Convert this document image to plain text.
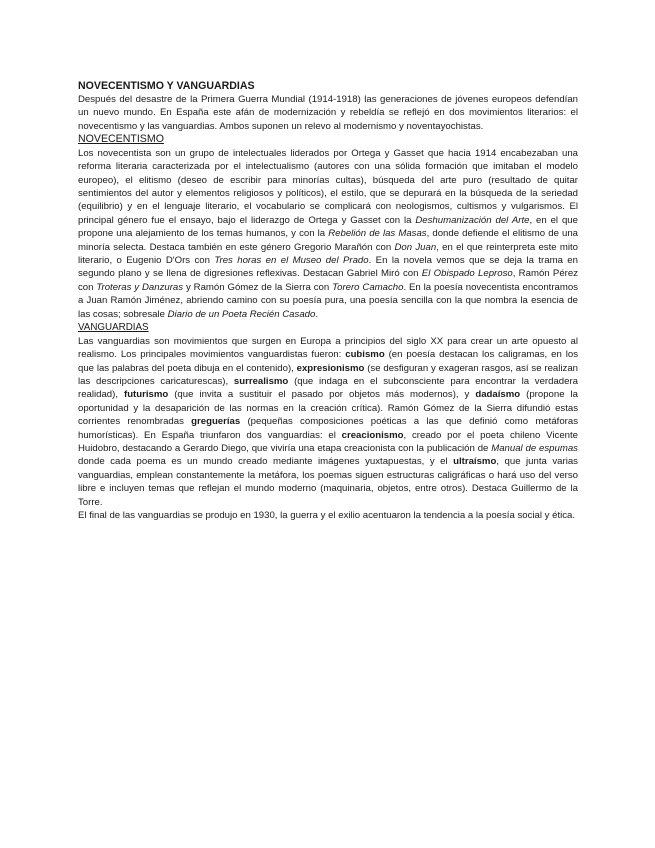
NOVECENTISMO Y VANGUARDIAS

Después del desastre de la Primera Guerra Mundial (1914-1918) las generaciones de jóvenes europeos defendían un nuevo mundo. En España este afán de modernización y rebeldía se reflejó en dos movimientos literarios: el novecentismo y las vanguardias. Ambos suponen un relevo al modernismo y noventayochistas.

NOVECENTISMO

Los novecentista son un grupo de intelectuales liderados por Ortega y Gasset que hacia 1914 encabezaban una reforma literaria caracterizada por el intelectualismo (autores con una sólida formación que imitaban el modelo europeo), el elitismo (deseo de escribir para minorías cultas), búsqueda del arte puro (resultado de quitar sentimientos del autor y elementos religiosos y políticos), el estilo, que se depurará en la búsqueda de la seriedad (equilibrio) y en el lenguaje literario, el vocabulario se complicará con neologismos, cultismos y vulgarismos. El principal género fue el ensayo, bajo el liderazgo de Ortega y Gasset con la Deshumanización del Arte, en el que propone una alejamiento de los temas humanos, y con la Rebelión de las Masas, donde defiende el elitismo de una minoría selecta. Destaca también en este género Gregorio Marañón con Don Juan, en el que reinterpreta este mito literario, o Eugenio D'Ors con Tres horas en el Museo del Prado. En la novela vemos que se deja la trama en segundo plano y se llena de digresiones reflexivas. Destacan Gabriel Miró con El Obispado Leproso, Ramón Pérez con Troteras y Danzuras y Ramón Gómez de la Sierra con Torero Camacho. En la poesía novecentista encontramos a Juan Ramón Jiménez, abriendo camino con su poesía pura, una poesía sencilla con la que nombra la esencia de las cosas; sobresale Diario de un Poeta Recién Casado.

VANGUARDIAS

Las vanguardias son movimientos que surgen en Europa a principios del siglo XX para crear un arte opuesto al realismo. Los principales movimientos vanguardistas fueron: cubismo (en poesía destacan los caligramas, en los que las palabras del poeta dibuja en el contenido), expresionismo (se desfiguran y exageran rasgos, así se realizan las descripciones caricaturescas), surrealismo (que indaga en el subconsciente para encontrar la verdadera realidad), futurismo (que invita a sustituir el pasado por objetos más modernos), y dadaísmo (propone la oportunidad y la desaparición de las normas en la creación crítica). Ramón Gómez de la Sierra difundió estas corrientes renombradas greguerías (pequeñas composiciones poéticas a las que definió como metáforas humorísticas). En España triunfaron dos vanguardias: el creacionismo, creado por el poeta chileno Vicente Huidobro, destacando a Gerardo Diego, que viviría una etapa creacionista con la publicación de Manual de espumas donde cada poema es un mundo creado mediante imágenes yuxtapuestas, y el ultraísmo, que junta varias vanguardias, emplean constantemente la metáfora, los poemas siguen estructuras caligráficas o hará uso del verso libre e incluyen temas que reflejan el mundo moderno (maquinaria, objetos, entre otros). Destaca Guillermo de la Torre.

El final de las vanguardias se produjo en 1930, la guerra y el exilio acentuaron la tendencia a la poesía social y ética.
